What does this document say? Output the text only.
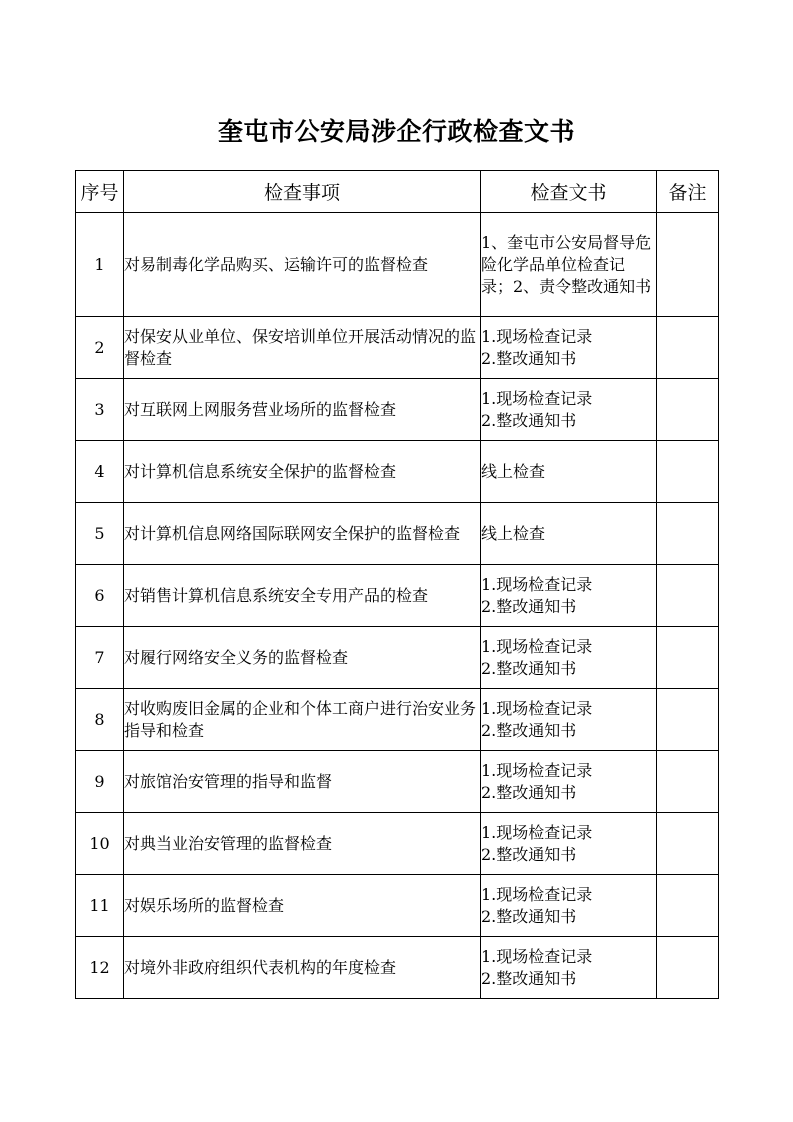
奎屯市公安局涉企行政检查文书
序号	检查事项	检查文书	备注
1	对易制毒化学品购买、运输许可的监督检查	1、奎屯市公安局督导危险化学品单位检查记录；2、责令整改通知书	

2	对保安从业单位、保安培训单位开展活动情况的监督检查	1.现场检查记录
2.整改通知书	

3	对互联网上网服务营业场所的监督检查	1.现场检查记录
2.整改通知书	

4	对计算机信息系统安全保护的监督检查	线上检查	

5	对计算机信息网络国际联网安全保护的监督检查	线上检查	

6	对销售计算机信息系统安全专用产品的检查	1.现场检查记录
2.整改通知书	

7	对履行网络安全义务的监督检查	1.现场检查记录
2.整改通知书	

8	对收购废旧金属的企业和个体工商户进行治安业务指导和检查	1.现场检查记录
2.整改通知书	

9	对旅馆治安管理的指导和监督	1.现场检查记录
2.整改通知书	

10	对典当业治安管理的监督检查	1.现场检查记录
2.整改通知书	

11	对娱乐场所的监督检查	1.现场检查记录
2.整改通知书	

12	对境外非政府组织代表机构的年度检查	1.现场检查记录
2.整改通知书	
